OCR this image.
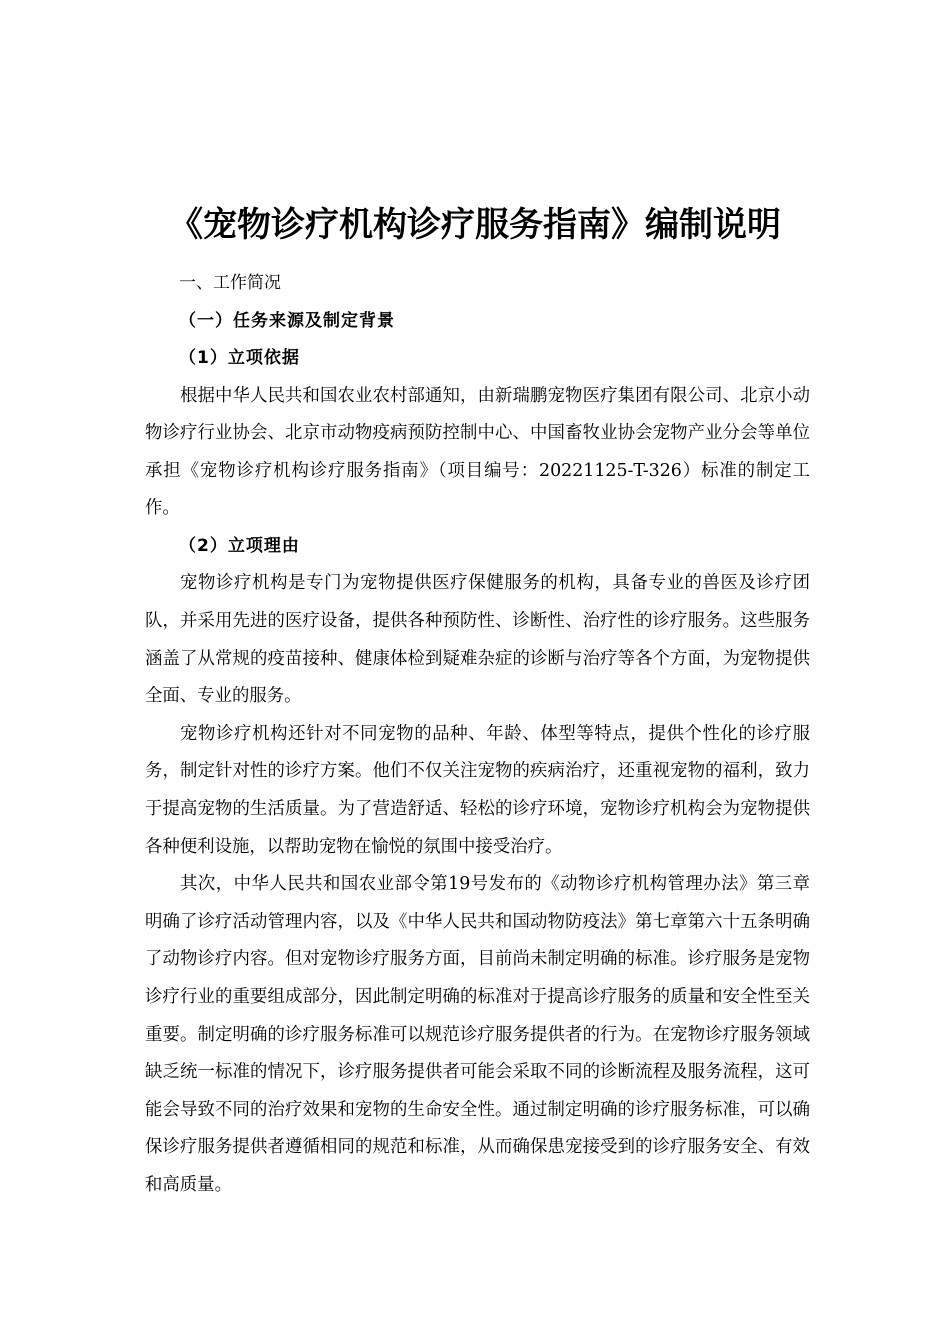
《宠物诊疗机构诊疗服务指南》编制说明

一、工作简况

（一）任务来源及制定背景

（1）立项依据

根据中华人民共和国农业农村部通知，由新瑞鹏宠物医疗集团有限公司、北京小动物诊疗行业协会、北京市动物疫病预防控制中心、中国畜牧业协会宠物产业分会等单位承担《宠物诊疗机构诊疗服务指南》（项目编号：20221125-T-326）标准的制定工作。

（2）立项理由

宠物诊疗机构是专门为宠物提供医疗保健服务的机构，具备专业的兽医及诊疗团队，并采用先进的医疗设备，提供各种预防性、诊断性、治疗性的诊疗服务。这些服务涵盖了从常规的疫苗接种、健康体检到疑难杂症的诊断与治疗等各个方面，为宠物提供全面、专业的服务。

宠物诊疗机构还针对不同宠物的品种、年龄、体型等特点，提供个性化的诊疗服务，制定针对性的诊疗方案。他们不仅关注宠物的疾病治疗，还重视宠物的福利，致力于提高宠物的生活质量。为了营造舒适、轻松的诊疗环境，宠物诊疗机构会为宠物提供各种便利设施，以帮助宠物在愉悦的氛围中接受治疗。

其次，中华人民共和国农业部令第19号发布的《动物诊疗机构管理办法》第三章明确了诊疗活动管理内容，以及《中华人民共和国动物防疫法》第七章第六十五条明确了动物诊疗内容。但对宠物诊疗服务方面，目前尚未制定明确的标准。诊疗服务是宠物诊疗行业的重要组成部分，因此制定明确的标准对于提高诊疗服务的质量和安全性至关重要。制定明确的诊疗服务标准可以规范诊疗服务提供者的行为。在宠物诊疗服务领域缺乏统一标准的情况下，诊疗服务提供者可能会采取不同的诊断流程及服务流程，这可能会导致不同的治疗效果和宠物的生命安全性。通过制定明确的诊疗服务标准，可以确保诊疗服务提供者遵循相同的规范和标准，从而确保患宠接受到的诊疗服务安全、有效和高质量。
